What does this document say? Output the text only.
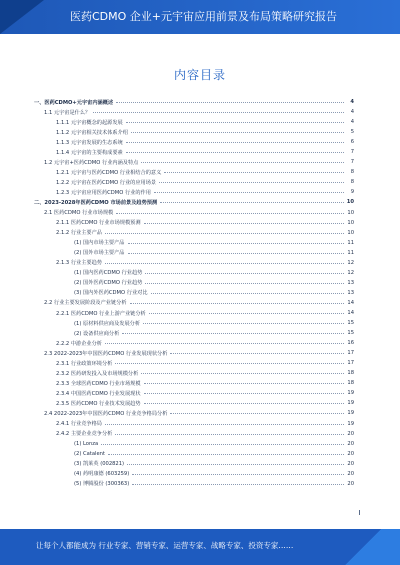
医药CDMO 企业+元宇宙应用前景及布局策略研究报告
内容目录
一、医药CDMO+元宇宙内涵概述	4
1.1 元宇宙是什么？	4
1.1.1 元宇宙概念的起源发展	4
1.1.2 元宇宙相关技术体系介绍	5
1.1.3 元宇宙发展的生态系统	6
1.1.4 元宇宙的主要构成要素	7
1.2 元宇宙+医药CDMO 行业内涵及特点	7
1.2.1 元宇宙与医药CDMO 行业相结合的意义	8
1.2.2 元宇宙在医药CDMO 行业的应用场景	8
1.2.3 元宇宙应用医药CDMO 行业的作用	9
二、2023-2028年医药CDMO 市场前景及趋势预测	10
2.1 医药CDMO 行业市场规模	10
2.1.1 医药CDMO 行业市场规模预测	10
2.1.2 行业主要产品	10
(1) 国内市场主要产品	11
(2) 国外市场主要产品	11
2.1.3 行业主要趋势	12
(1) 国内医药CDMO 行业趋势	12
(2) 国外医药CDMO 行业趋势	13
(3) 国内外医药CDMO 行业对比	13
2.2 行业主要发展阶段及产业链分析	14
2.2.1 医药CDMO 行业上游产业链分析	14
(1) 原材料供应商及发展分析	15
(2) 设备供应商分析	15
2.2.2 中游企业分析	16
2.3 2022-2023年中国医药CDMO 行业发展现状分析	17
2.3.1 行业政策环境分析	17
2.3.2 医药研发投入及市场规模分析	18
2.3.3 全球医药CDMO 行业市场规模	18
2.3.4 中国医药CDMO 行业发展现状	19
2.3.5 医药CDMO 行业技术发展趋势	19
2.4 2022-2023年中国医药CDMO 行业竞争格局分析	19
2.4.1 行业竞争格局	19
2.4.2 主要企业竞争分析	20
(1) Lonza	20
(2) Catalent	20
(3) 凯莱英 (002821)	20
(4) 药明康德 (603259)	20
(5) 博腾股份 (300363)	20
让每个人都能成为 行业专家、营销专家、运营专家、战略专家、投资专家……
